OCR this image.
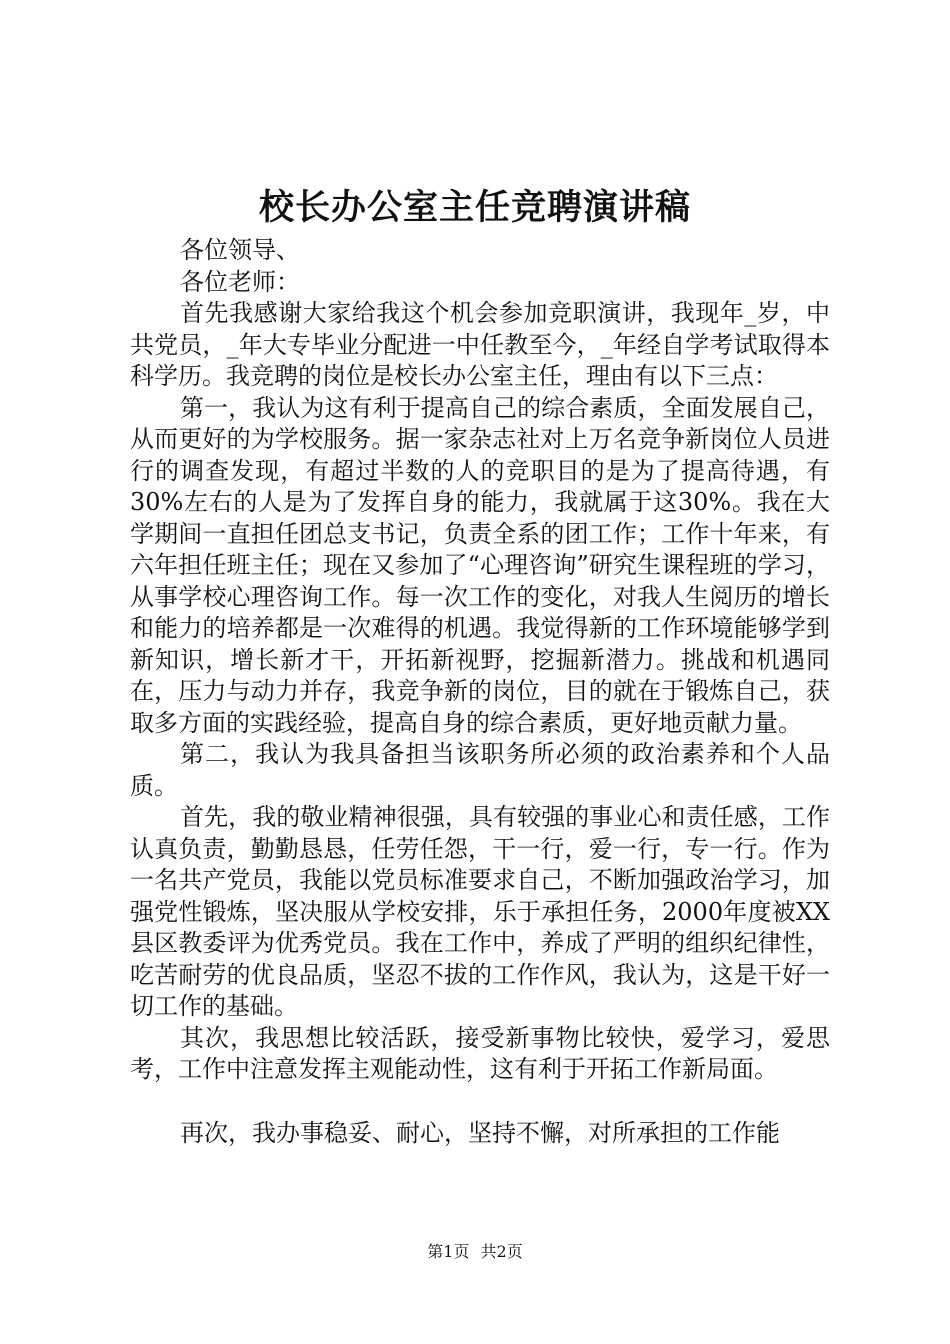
校长办公室主任竞聘演讲稿

各位领导、

各位老师：

首先我感谢大家给我这个机会参加竞职演讲，我现年_岁，中共党员，_年大专毕业分配进一中任教至今，_年经自学考试取得本科学历。我竞聘的岗位是校长办公室主任，理由有以下三点：

第一，我认为这有利于提高自己的综合素质，全面发展自己，从而更好的为学校服务。据一家杂志社对上万名竞争新岗位人员进行的调查发现，有超过半数的人的竞职目的是为了提高待遇，有30%左右的人是为了发挥自身的能力，我就属于这30%。我在大学期间一直担任团总支书记，负责全系的团工作；工作十年来，有六年担任班主任；现在又参加了“心理咨询”研究生课程班的学习，从事学校心理咨询工作。每一次工作的变化，对我人生阅历的增长和能力的培养都是一次难得的机遇。我觉得新的工作环境能够学到新知识，增长新才干，开拓新视野，挖掘新潜力。挑战和机遇同在，压力与动力并存，我竞争新的岗位，目的就在于锻炼自己，获取多方面的实践经验，提高自身的综合素质，更好地贡献力量。

第二，我认为我具备担当该职务所必须的政治素养和个人品质。

首先，我的敬业精神很强，具有较强的事业心和责任感，工作认真负责，勤勤恳恳，任劳任怨，干一行，爱一行，专一行。作为一名共产党员，我能以党员标准要求自己，不断加强政治学习，加强党性锻炼，坚决服从学校安排，乐于承担任务，2000年度被XX县区教委评为优秀党员。我在工作中，养成了严明的组织纪律性，吃苦耐劳的优良品质，坚忍不拔的工作作风，我认为，这是干好一切工作的基础。

其次，我思想比较活跃，接受新事物比较快，爱学习，爱思考，工作中注意发挥主观能动性，这有利于开拓工作新局面。

再次，我办事稳妥、耐心，坚持不懈，对所承担的工作能

第1页 共2页
